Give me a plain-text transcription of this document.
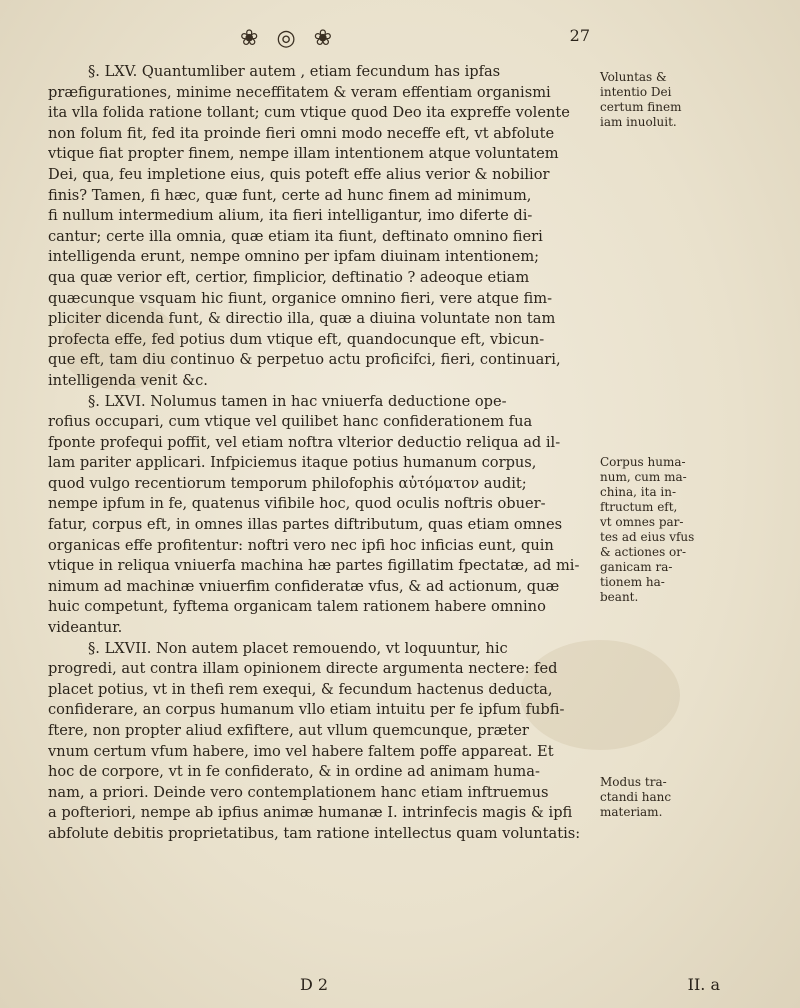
❀ ◎ ❀	27
§. LXV. Quantumliber autem , etiam fecundum has ipfas
præfigurationes, minime neceffitatem & veram effentiam organismi
ita vlla folida ratione tollant; cum vtique quod Deo ita expreffe volente
non folum fit, fed ita proinde fieri omni modo neceffe eft, vt abfolute
vtique fiat propter finem, nempe illam intentionem atque voluntatem
Dei, qua, feu impletione eius, quis poteft effe alius verior & nobilior
finis? Tamen, fi hæc, quæ funt, certe ad hunc finem ad minimum,
fi nullum intermedium alium, ita fieri intelligantur, imo diferte di-
cantur; certe illa omnia, quæ etiam ita fiunt, deftinato omnino fieri
intelligenda erunt, nempe omnino per ipfam diuinam intentionem;
qua quæ verior eft, certior, fimplicior, deftinatio ? adeoque etiam
quæcunque vsquam hic fiunt, organice omnino fieri, vere atque fim-
pliciter dicenda funt, & directio illa, quæ a diuina voluntate non tam
profecta effe, fed potius dum vtique eft, quandocunque eft, vbicun-
que eft, tam diu continuo & perpetuo actu proficifci, fieri, continuari,
intelligenda venit &c.
§. LXVI. Nolumus tamen in hac vniuerfa deductione ope-
rofius occupari, cum vtique vel quilibet hanc confiderationem fua
fponte profequi poffit, vel etiam noftra vlterior deductio reliqua ad il-
lam pariter applicari. Infpiciemus itaque potius humanum corpus,
quod vulgo recentiorum temporum philofophis αὐτόματον audit;
nempe ipfum in fe, quatenus vifibile hoc, quod oculis noftris obuer-
fatur, corpus eft, in omnes illas partes diftributum, quas etiam omnes
organicas effe profitentur: noftri vero nec ipfi hoc inficias eunt, quin
vtique in reliqua vniuerfa machina hæ partes figillatim fpectatæ, ad mi-
nimum ad machinæ vniuerfim confideratæ vfus, & ad actionum, quæ
huic competunt, fyftema organicam talem rationem habere omnino
videantur.
§. LXVII. Non autem placet remouendo, vt loquuntur, hic
progredi, aut contra illam opinionem directe argumenta nectere: fed
placet potius, vt in thefi rem exequi, & fecundum hactenus deducta,
confiderare, an corpus humanum vllo etiam intuitu per fe ipfum fubfi-
ftere, non propter aliud exfiftere, aut vllum quemcunque, præter
vnum certum vfum habere, imo vel habere faltem poffe appareat. Et
hoc de corpore, vt in fe confiderato, & in ordine ad animam huma-
nam, a priori. Deinde vero contemplationem hanc etiam inftruemus
a pofteriori, nempe ab ipfius animæ humanæ I. intrinfecis magis & ipfi
abfolute debitis proprietatibus, tam ratione intellectus quam voluntatis:
Voluntas &
intentio Dei
certum finem
iam inuoluit.
Corpus huma-
num, cum ma-
china, ita in-
ftructum eft,
vt omnes par-
tes ad eius vfus
& actiones or-
ganicam ra-
tionem ha-
beant.
Modus tra-
ctandi hanc
materiam.
D 2	II. a
